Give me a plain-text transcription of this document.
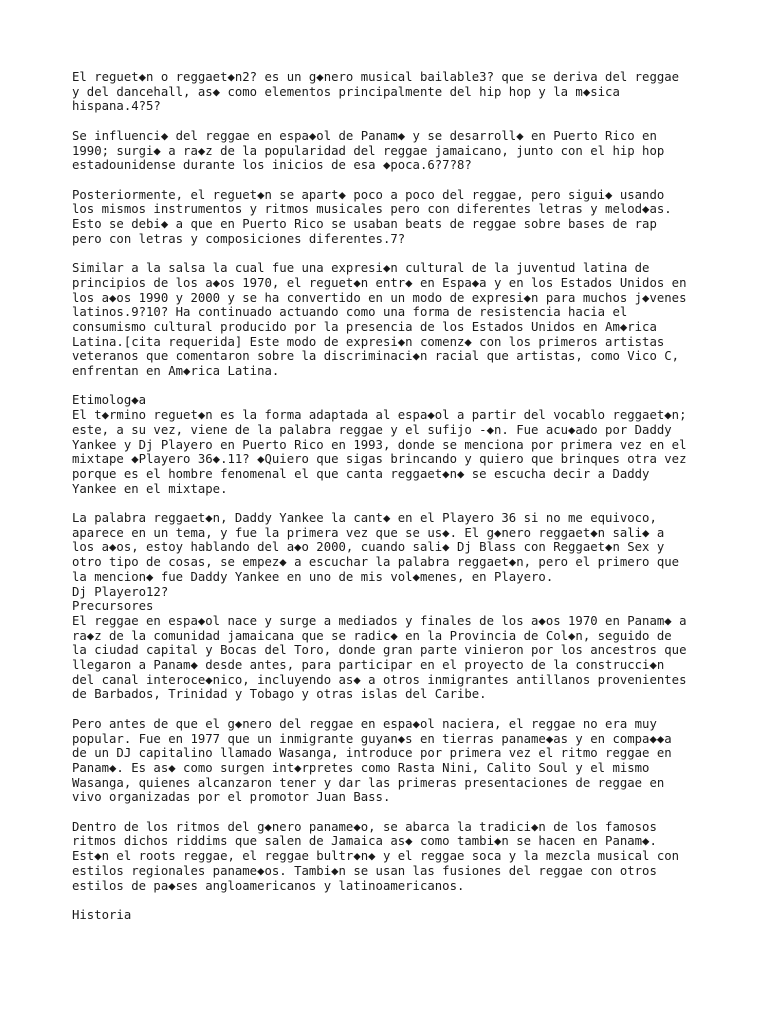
El reguet◆n o reggaet◆n2? es un g◆nero musical bailable3? que se deriva del reggae
y del dancehall, as◆ como elementos principalmente del hip hop y la m◆sica
hispana.4?5?
Se influenci◆ del reggae en espa◆ol de Panam◆ y se desarroll◆ en Puerto Rico en
1990; surgi◆ a ra◆z de la popularidad del reggae jamaicano, junto con el hip hop
estadounidense durante los inicios de esa ◆poca.6?7?8?
Posteriormente, el reguet◆n se apart◆ poco a poco del reggae, pero sigui◆ usando
los mismos instrumentos y ritmos musicales pero con diferentes letras y melod◆as.
Esto se debi◆ a que en Puerto Rico se usaban beats de reggae sobre bases de rap
pero con letras y composiciones diferentes.7?
Similar a la salsa la cual fue una expresi◆n cultural de la juventud latina de
principios de los a◆os 1970, el reguet◆n entr◆ en Espa◆a y en los Estados Unidos en
los a◆os 1990 y 2000 y se ha convertido en un modo de expresi◆n para muchos j◆venes
latinos.9?10? Ha continuado actuando como una forma de resistencia hacia el
consumismo cultural producido por la presencia de los Estados Unidos en Am◆rica
Latina.[cita requerida] Este modo de expresi◆n comenz◆ con los primeros artistas
veteranos que comentaron sobre la discriminaci◆n racial que artistas, como Vico C,
enfrentan en Am◆rica Latina.
Etimolog◆a
El t◆rmino reguet◆n es la forma adaptada al espa◆ol a partir del vocablo reggaet◆n;
este, a su vez, viene de la palabra reggae y el sufijo -◆n. Fue acu◆ado por Daddy
Yankee y Dj Playero en Puerto Rico en 1993, donde se menciona por primera vez en el
mixtape ◆Playero 36◆.11? ◆Quiero que sigas brincando y quiero que brinques otra vez
porque es el hombre fenomenal el que canta reggaet◆n◆ se escucha decir a Daddy
Yankee en el mixtape.
La palabra reggaet◆n, Daddy Yankee la cant◆ en el Playero 36 si no me equivoco,
aparece en un tema, y fue la primera vez que se us◆. El g◆nero reggaet◆n sali◆ a
los a◆os, estoy hablando del a◆o 2000, cuando sali◆ Dj Blass con Reggaet◆n Sex y
otro tipo de cosas, se empez◆ a escuchar la palabra reggaet◆n, pero el primero que
la mencion◆ fue Daddy Yankee en uno de mis vol◆menes, en Playero.
Dj Playero12?
Precursores
El reggae en espa◆ol nace y surge a mediados y finales de los a◆os 1970 en Panam◆ a
ra◆z de la comunidad jamaicana que se radic◆ en la Provincia de Col◆n, seguido de
la ciudad capital y Bocas del Toro, donde gran parte vinieron por los ancestros que
llegaron a Panam◆ desde antes, para participar en el proyecto de la construcci◆n
del canal interoce◆nico, incluyendo as◆ a otros inmigrantes antillanos provenientes
de Barbados, Trinidad y Tobago y otras islas del Caribe.
Pero antes de que el g◆nero del reggae en espa◆ol naciera, el reggae no era muy
popular. Fue en 1977 que un inmigrante guyan◆s en tierras paname◆as y en compa◆◆a
de un DJ capitalino llamado Wasanga, introduce por primera vez el ritmo reggae en
Panam◆. Es as◆ como surgen int◆rpretes como Rasta Nini, Calito Soul y el mismo
Wasanga, quienes alcanzaron tener y dar las primeras presentaciones de reggae en
vivo organizadas por el promotor Juan Bass.
Dentro de los ritmos del g◆nero paname◆o, se abarca la tradici◆n de los famosos
ritmos dichos riddims que salen de Jamaica as◆ como tambi◆n se hacen en Panam◆.
Est◆n el roots reggae, el reggae bultr◆n◆ y el reggae soca y la mezcla musical con
estilos regionales paname◆os. Tambi◆n se usan las fusiones del reggae con otros
estilos de pa◆ses angloamericanos y latinoamericanos.
Historia
